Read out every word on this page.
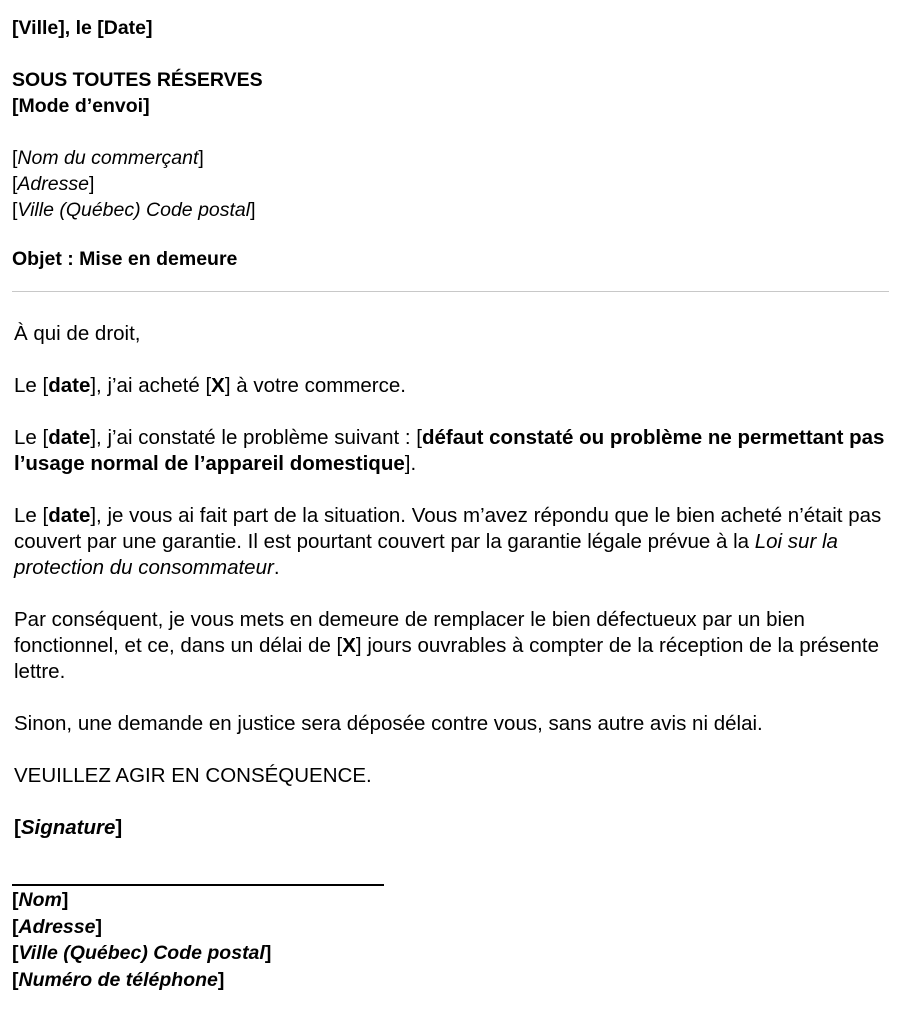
[Ville], le [Date]

SOUS TOUTES RÉSERVES

[Mode d’envoi]

[Nom du commerçant]

[Adresse]

[Ville (Québec) Code postal]

Objet : Mise en demeure

À qui de droit,

Le [date], j’ai acheté [X] à votre commerce.

Le [date], j’ai constaté le problème suivant : [défaut constaté ou problème ne permettant pas l’usage normal de l’appareil domestique].

Le [date], je vous ai fait part de la situation. Vous m’avez répondu que le bien acheté n’était pas couvert par une garantie. Il est pourtant couvert par la garantie légale prévue à la Loi sur la protection du consommateur.

Par conséquent, je vous mets en demeure de remplacer le bien défectueux par un bien fonctionnel, et ce, dans un délai de [X] jours ouvrables à compter de la réception de la présente lettre.

Sinon, une demande en justice sera déposée contre vous, sans autre avis ni délai.

VEUILLEZ AGIR EN CONSÉQUENCE.

[Signature]

[Nom]

[Adresse]

[Ville (Québec) Code postal]

[Numéro de téléphone]
